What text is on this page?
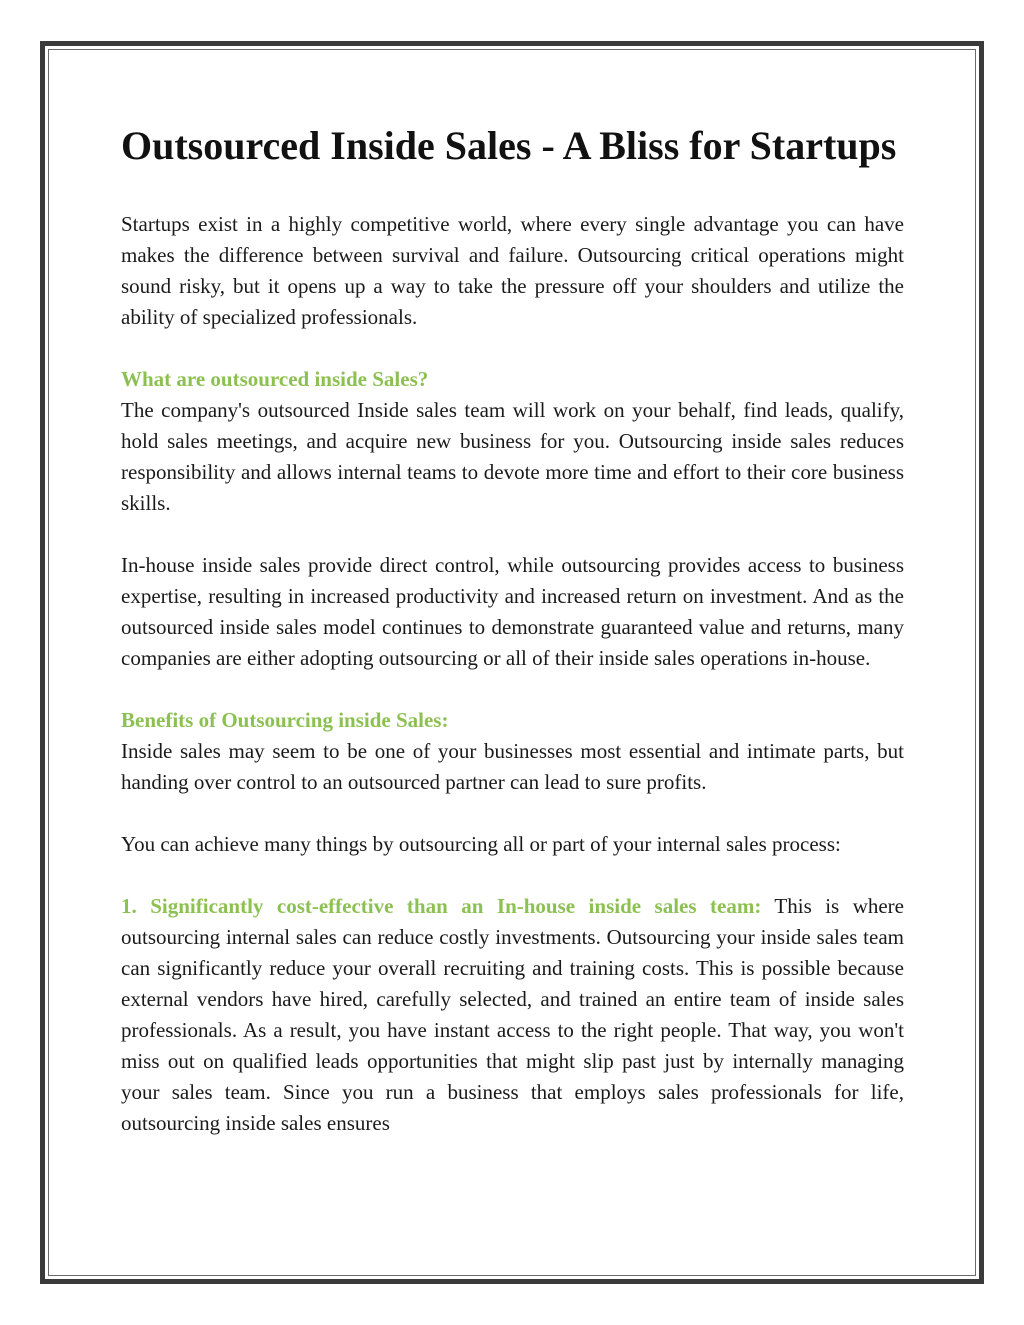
Outsourced Inside Sales - A Bliss for Startups

Startups exist in a highly competitive world, where every single advantage you can have makes the difference between survival and failure. Outsourcing critical operations might sound risky, but it opens up a way to take the pressure off your shoulders and utilize the ability of specialized professionals.

What are outsourced inside Sales?

The company's outsourced Inside sales team will work on your behalf, find leads, qualify, hold sales meetings, and acquire new business for you. Outsourcing inside sales reduces responsibility and allows internal teams to devote more time and effort to their core business skills.

In-house inside sales provide direct control, while outsourcing provides access to business expertise, resulting in increased productivity and increased return on investment. And as the outsourced inside sales model continues to demonstrate guaranteed value and returns, many companies are either adopting outsourcing or all of their inside sales operations in-house.

Benefits of Outsourcing inside Sales:

Inside sales may seem to be one of your businesses most essential and intimate parts, but handing over control to an outsourced partner can lead to sure profits.

You can achieve many things by outsourcing all or part of your internal sales process:

1. Significantly cost-effective than an In-house inside sales team: This is where outsourcing internal sales can reduce costly investments. Outsourcing your inside sales team can significantly reduce your overall recruiting and training costs. This is possible because external vendors have hired, carefully selected, and trained an entire team of inside sales professionals. As a result, you have instant access to the right people. That way, you won't miss out on qualified leads opportunities that might slip past just by internally managing your sales team. Since you run a business that employs sales professionals for life, outsourcing inside sales ensures
